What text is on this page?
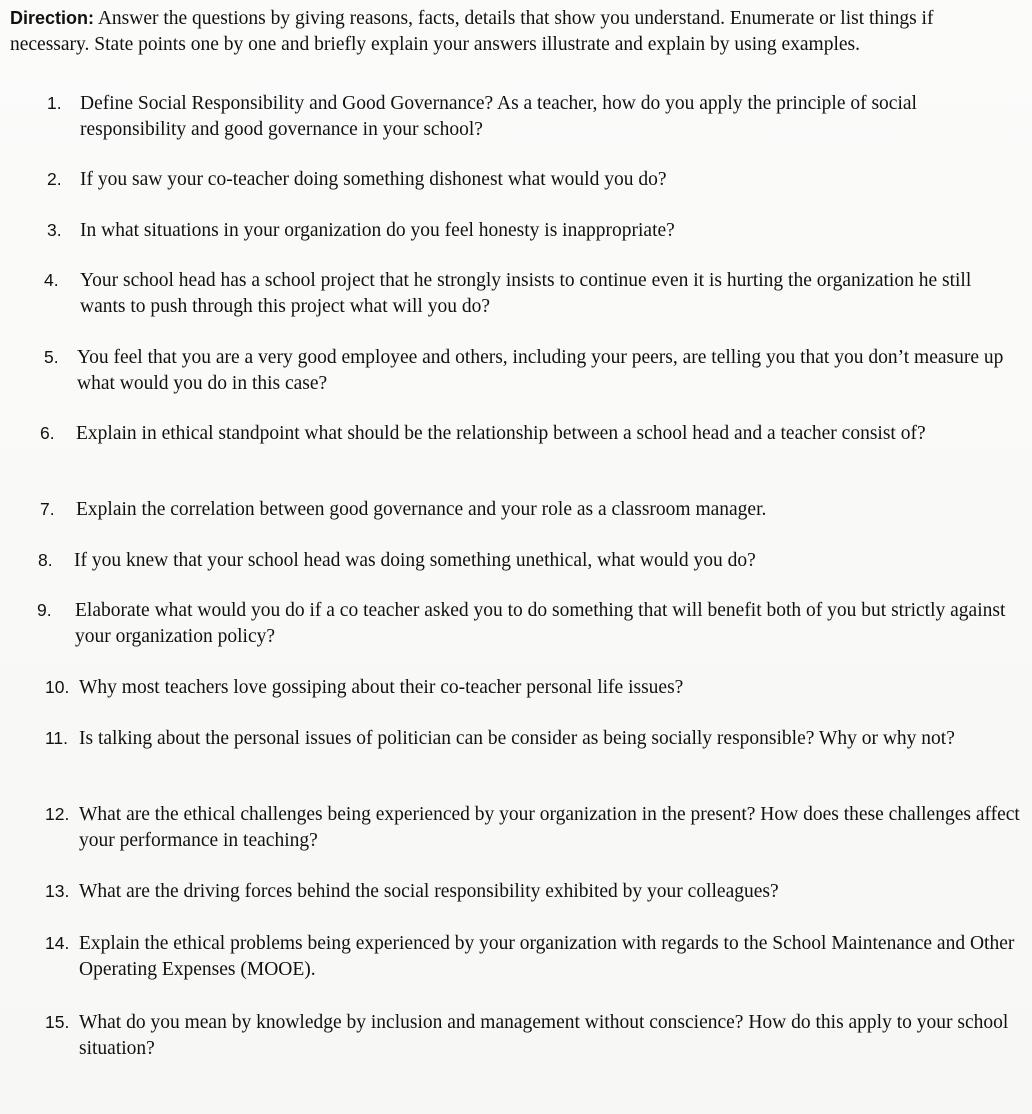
Direction: Answer the questions by giving reasons, facts, details that show you understand. Enumerate or list things if necessary. State points one by one and briefly explain your answers illustrate and explain by using examples.
1. Define Social Responsibility and Good Governance? As a teacher, how do you apply the principle of social responsibility and good governance in your school?
2. If you saw your co-teacher doing something dishonest what would you do?
3. In what situations in your organization do you feel honesty is inappropriate?
4.	Your school head has a school project that he strongly insists to continue even it is hurting the organization he still wants to push through this project what will you do?
5. You feel that you are a very good employee and others, including your peers, are telling you that you don’t measure up what would you do in this case?
6.	Explain in ethical standpoint what should be the relationship between a school head and a teacher consist of?
7.	Explain the correlation between good governance and your role as a classroom manager.
8.	If you knew that your school head was doing something unethical, what would you do?
9.	Elaborate what would you do if a co teacher asked you to do something that will benefit both of you but strictly against your organization policy?
10. Why most teachers love gossiping about their co-teacher personal life issues?
11. Is talking about the personal issues of politician can be consider as being socially responsible? Why or why not?
12. What are the ethical challenges being experienced by your organization in the present? How does these challenges affect your performance in teaching?
13. What are the driving forces behind the social responsibility exhibited by your colleagues?
14. Explain the ethical problems being experienced by your organization with regards to the School Maintenance and Other Operating Expenses (MOOE).
15. What do you mean by knowledge by inclusion and management without conscience? How do this apply to your school situation?
